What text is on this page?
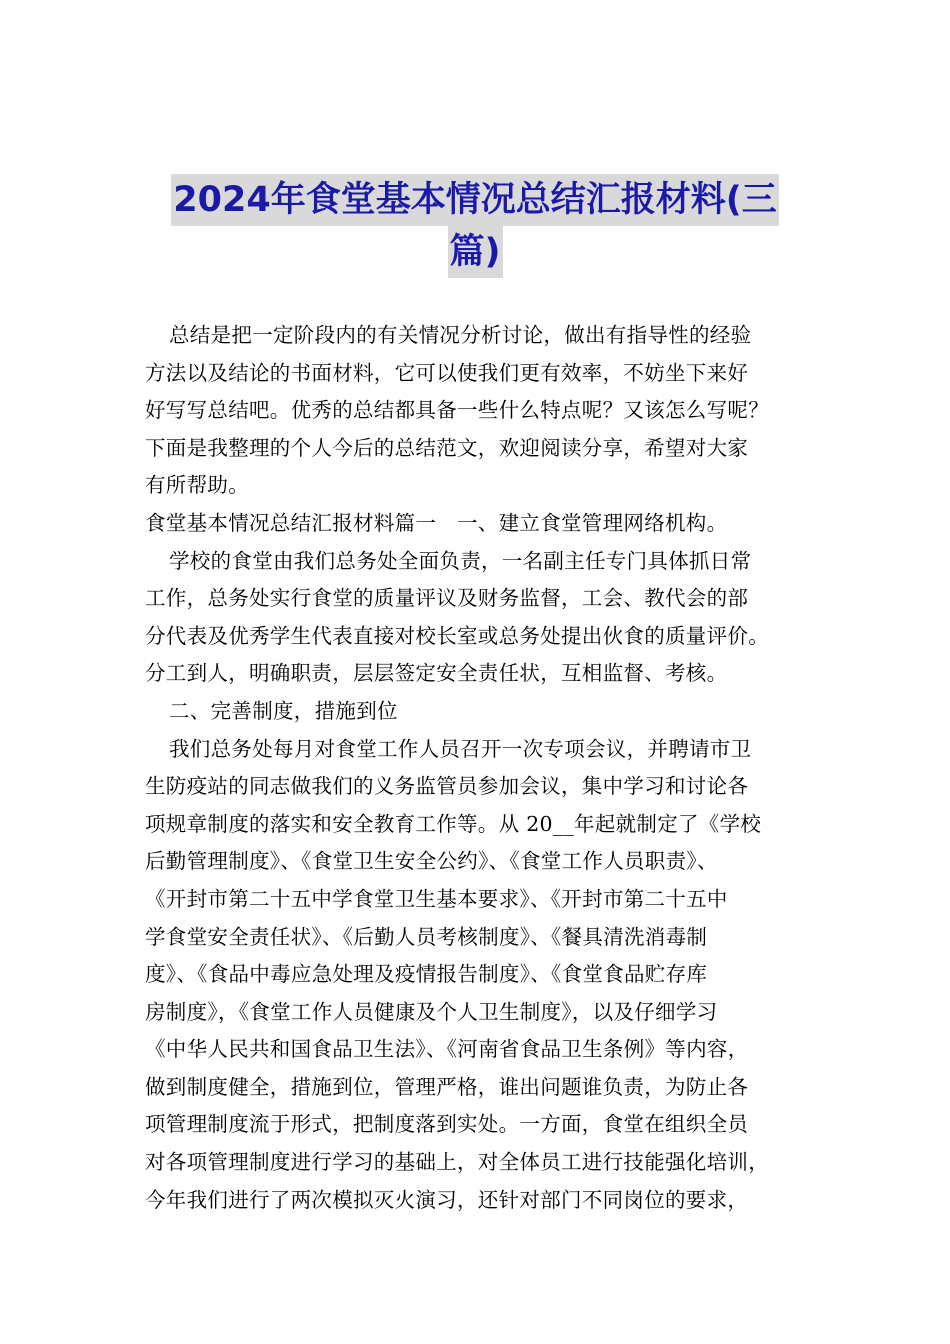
2024年食堂基本情况总结汇报材料(三
篇)
总结是把一定阶段内的有关情况分析讨论，做出有指导性的经验
方法以及结论的书面材料，它可以使我们更有效率，不妨坐下来好
好写写总结吧。优秀的总结都具备一些什么特点呢？又该怎么写呢？
下面是我整理的个人今后的总结范文，欢迎阅读分享，希望对大家
有所帮助。
食堂基本情况总结汇报材料篇一　一、建立食堂管理网络机构。
学校的食堂由我们总务处全面负责，一名副主任专门具体抓日常
工作，总务处实行食堂的质量评议及财务监督，工会、教代会的部
分代表及优秀学生代表直接对校长室或总务处提出伙食的质量评价。
分工到人，明确职责，层层签定安全责任状，互相监督、考核。
二、完善制度，措施到位
我们总务处每月对食堂工作人员召开一次专项会议，并聘请市卫
生防疫站的同志做我们的义务监管员参加会议，集中学习和讨论各
项规章制度的落实和安全教育工作等。从 20__年起就制定了《学校
后勤管理制度》、《食堂卫生安全公约》、《食堂工作人员职责》、
《开封市第二十五中学食堂卫生基本要求》、《开封市第二十五中
学食堂安全责任状》、《后勤人员考核制度》、《餐具清洗消毒制
度》、《食品中毒应急处理及疫情报告制度》、《食堂食品贮存库
房制度》，《食堂工作人员健康及个人卫生制度》，以及仔细学习
《中华人民共和国食品卫生法》、《河南省食品卫生条例》等内容，
做到制度健全，措施到位，管理严格，谁出问题谁负责，为防止各
项管理制度流于形式，把制度落到实处。一方面，食堂在组织全员
对各项管理制度进行学习的基础上，对全体员工进行技能强化培训，
今年我们进行了两次模拟灭火演习，还针对部门不同岗位的要求，
